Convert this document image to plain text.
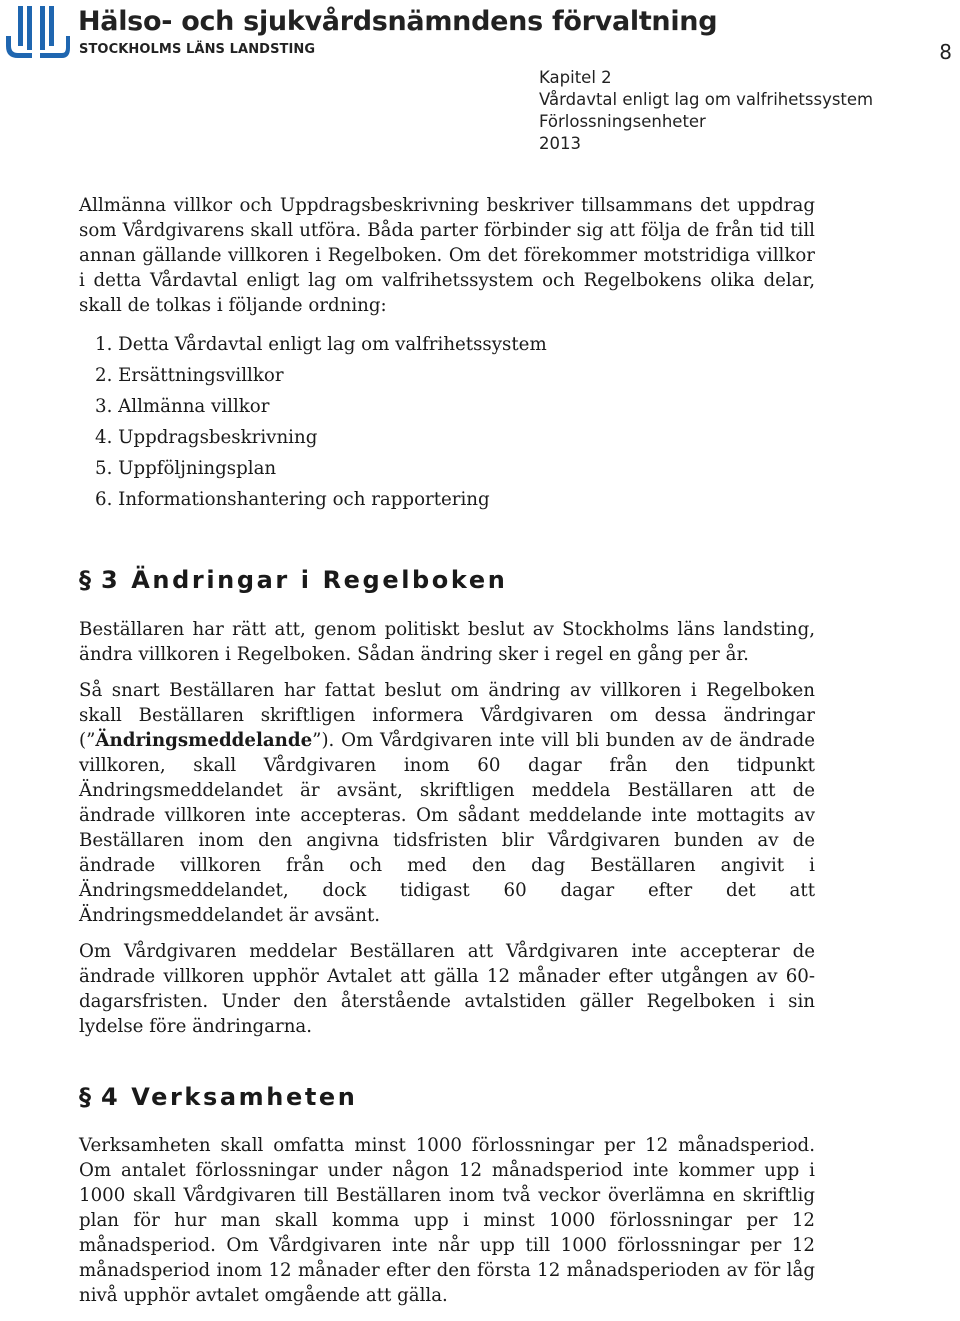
Hälso- och sjukvårdsnämndens förvaltning
STOCKHOLMS LÄNS LANDSTING	8
Kapitel 2
Vårdavtal enligt lag om valfrihetssystem
Förlossningsenheter
2013

Allmänna villkor och Uppdragsbeskrivning beskriver tillsammans det uppdrag som Vårdgivarens skall utföra. Båda parter förbinder sig att följa de från tid till annan gällande villkoren i Regelboken. Om det förekommer motstridiga villkor i detta Vårdavtal enligt lag om valfrihetssystem och Regelbokens olika delar, skall de tolkas i följande ordning:

1. Detta Vårdavtal enligt lag om valfrihetssystem
2. Ersättningsvillkor
3. Allmänna villkor
4. Uppdragsbeskrivning
5. Uppföljningsplan
6. Informationshantering och rapportering
§ 3 Ändringar i Regelboken

Beställaren har rätt att, genom politiskt beslut av Stockholms läns landsting, ändra villkoren i Regelboken. Sådan ändring sker i regel en gång per år.

Så snart Beställaren har fattat beslut om ändring av villkoren i Regelboken skall Beställaren skriftligen informera Vårdgivaren om dessa ändringar (”Ändringsmeddelande”). Om Vårdgivaren inte vill bli bunden av de ändrade villkoren, skall Vårdgivaren inom 60 dagar från den tidpunkt Ändringsmeddelandet är avsänt, skriftligen meddela Beställaren att de ändrade villkoren inte accepteras. Om sådant meddelande inte mottagits av Beställaren inom den angivna tidsfristen blir Vårdgivaren bunden av de ändrade villkoren från och med den dag Beställaren angivit i Ändringsmeddelandet, dock tidigast 60 dagar efter det att Ändringsmeddelandet är avsänt.

Om Vårdgivaren meddelar Beställaren att Vårdgivaren inte accepterar de ändrade villkoren upphör Avtalet att gälla 12 månader efter utgången av 60-dagarsfristen. Under den återstående avtalstiden gäller Regelboken i sin lydelse före ändringarna.

§ 4 Verksamheten

Verksamheten skall omfatta minst 1000 förlossningar per 12 månadsperiod. Om antalet förlossningar under någon 12 månadsperiod inte kommer upp i 1000 skall Vårdgivaren till Beställaren inom två veckor överlämna en skriftlig plan för hur man skall komma upp i minst 1000 förlossningar per 12 månadsperiod. Om Vårdgivaren inte når upp till 1000 förlossningar per 12 månadsperiod inom 12 månader efter den första 12 månadsperioden av för låg nivå upphör avtalet omgående att gälla.
